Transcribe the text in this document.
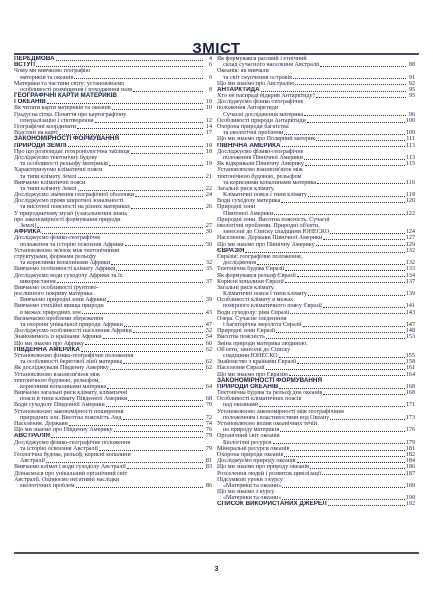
ЗМІСТ
ПЕРЕДМОВА	4
ВСТУП	6
Чому ми вивчаємо географію
материків та океанів	6
Материки та частини світу: установлюємо
особливості розміщення і походження назв	8
ГЕОГРАФІЧНІ КАРТИ МАТЕРИКІВ
І ОКЕАНІВ	10
Як читати карти материків та океанів	10
Градусна сітка. Поняття про картографічну
генералізацію і спотворення	12
Географічні координати	14
Відстані на карті	17
ЗАКОНОМІРНОСТІ ФОРМУВАННЯ
ПРИРОДИ ЗЕМЛІ	18
Про що розповідає геохронологічна таблиця	18
Досліджуємо тектонічну будову
та особливості рельєфу материків	19
Характеризуємо кліматичні пояси
та типи клімату Землі	21
Вивчаємо кліматичні пояси
та типи клімату Землі	22
Досліджуємо значення географічної оболонки	24
Досліджуємо прояв широтної зональності
та висотної поясності на різних материках	26
У природничому музеї (узагальнення знань
про закономірності формування природи
Землі)	27
АФРИКА	30
Досліджуємо фізико-географічне
положення та історію освоєння Африки	30
Установлюємо зв'язок між тектонічними
структурами, формами рельєфу
та корисними копалинами Африки	32
Вивчаємо особливості клімату Африки	35
Досліджуємо води суходолу Африки та їх
використання	37
Вивчаємо особливості ґрунтово-
рослинного покриву материка.
Вивчаємо природні зони Африки	39
Вивчаємо стихійні явища природи
в межах природних зон	43
Визначаємо проблеми збереження
та охорони унікальної природи Африки	47
Досліджуємо особливості населення Африки	52
Знайомимось із країнами Африки	54
Що ми знаємо про Африку	60
ПІВДЕННА АМЕРИКА	62
Установлюємо фізико-географічне положення
та особливості берегової лінії материка	62
Як досліджували Південну Америку	62
Установлюємо взаємозв'язок між
тектонічною будовою, рельєфом,
корисними копалинами материка	64
Вивчаємо загальні риси клімату, кліматичні
пояси й типи клімату Південної Америки	68
Води суходолу Південної Америки	70
Установлюємо закономірності поширення
природних зон. Висотна поясність Анд	72
Населення. Держави	74
Що ми знаємо про Південну Америку	76
АВСТРАЛІЯ	79
Досліджуємо фізико-географічне положення
та історію освоєння Австралії	79
Геологічна будова, рельєф, корисні копалини
Австралії	81
Вивчаємо клімат і води суходолу Австралії	83
Дізнаємося про унікальний органічний світ
Австралії. Оцінюємо негативні наслідки
екологічних проблем	86
Як формувався расовий і етнічний
склад сучасного населення Австралії	88
Океанія: як вивчали
та світ скупчення островів	91
Що ми знаємо про Австралію	92
АНТАРКТИДА	95
Хто не наспраді відкрив Антарктиду?	95
Досліджуємо фізико-географічне
положення Антарктиди
Сучасні дослідження материка	96
Особливості природи Антарктиди	100
Охорона природи багатства
та екологічні проблеми	109
Що ми знаємо про Полярний материк	111
ПІВНІЧНА АМЕРИКА	113
Досліджуємо фізико-географічне
положення Північної Америки	113
Як відкривали Північну Америку	115
Установлюємо взаємозв'язок між
тектонічною будовою, рельєфом
та корисними копалинами материка	116
Загальні риси клімату.
Кліматичні пояси і типи клімату	118
Води суходолу материка	120
Природні зони
Північної Америки	122
Природні зони. Висотна поясність. Сучасні
екологічні проблеми. Природні об'єкти,
занесені до Списку спадщини ЮНЕСКО	124
Населення. Держави Північної Америки	127
Що ми знаємо про Північну Америку	129
ЄВРАЗІЯ	132
Євразія: географічне положення,
дослідження	132
Тектонічна будова Євразії	133
Як формувався рельєф Євразії	134
Корисні копалини Євразії	137
Загальні риси клімату.
Кліматичні пояси і типи клімату	139
Особливості клімату в межах
помірного кліматичного поясу Євразії	141
Води суходолу: ріки Євразії	143
Озера. Сучасне зледеніння
і багаторічна мерзлота Євразії	147
Природні зони Євразії	148
Висотна поясність	153
Зміна природи материка людиною.
Об'єкти, занесені до Списку
спадщини ЮНЕСКО	155
Знайомство з країнами Євразії	158
Населення Євразії	161
Що ми знаємо про Євразію	164
ЗАКОНОМІРНОСТІ ФОРМУВАННЯ
ПРИРОДИ ОКЕАНІВ	168
Тектонічна будова та рельєф дна океанів	168
Особливості кліматичних поясів
над океанами	171
Установлюємо закономірності між географічним
положенням і властивостями вод Океану	173
Установлюємо вплив океанічних течій
на природу материків	176
Органічний світ океанів
Біологічні ресурси	179
Мінеральні ресурси океанів	181
Охорона природи океанів	182
Досліджуємо природу океанів	184
Що ми знаємо про природу океанів	186
Розселення людей і розвиток цивілізації	187
Підсумкові уроки з курсу
«Материки та океани»	189
Що ми знаємо з курсу
«Материки та океани»	190
СПИСОК ВИКОРИСТАНИХ ДЖЕРЕЛ	192
3
